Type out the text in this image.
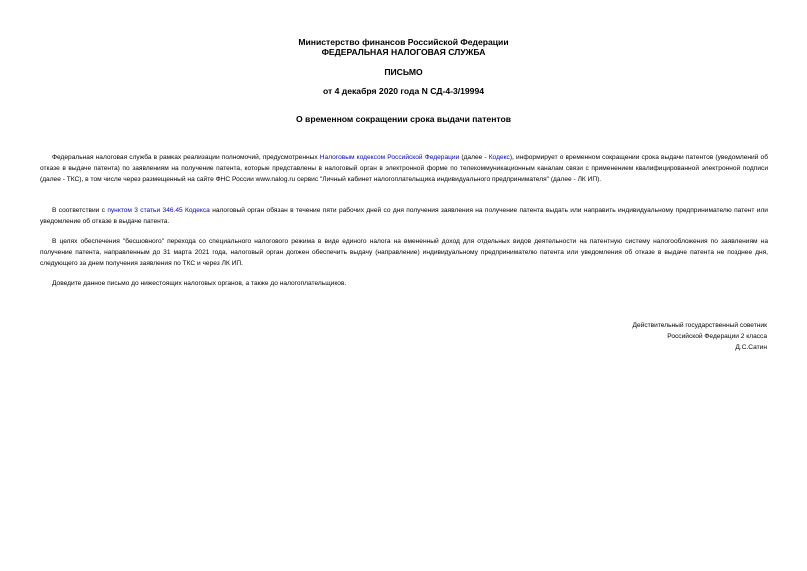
Министерство финансов Российской Федерации

ФЕДЕРАЛЬНАЯ НАЛОГОВАЯ СЛУЖБА

ПИСЬМО

от 4 декабря 2020 года N СД-4-3/19994

О временном сокращении срока выдачи патентов

Федеральная налоговая служба в рамках реализации полномочий, предусмотренных Налоговым кодексом Российской Федерации (далее - Кодекс), информирует о временном сокращении срока выдачи патентов (уведомлений об отказе в выдаче патента) по заявлениям на получение патента, которые представлены в налоговый орган в электронной форме по телекоммуникационным каналам связи с применением квалифицированной электронной подписи (далее - ТКС), в том числе через размещенный на сайте ФНС России www.nalog.ru сервис "Личный кабинет налогоплательщика индивидуального предпринимателя" (далее - ЛК ИП).

В соответствии с пунктом 3 статьи 346.45 Кодекса налоговый орган обязан в течение пяти рабочих дней со дня получения заявления на получение патента выдать или направить индивидуальному предпринимателю патент или уведомление об отказе в выдаче патента.

В целях обеспечения "бесшовного" перехода со специального налогового режима в виде единого налога на вмененный доход для отдельных видов деятельности на патентную систему налогообложения по заявлениям на получение патента, направленным до 31 марта 2021 года, налоговый орган должен обеспечить выдачу (направление) индивидуальному предпринимателю патента или уведомления об отказе в выдаче патента не позднее дня, следующего за днем получения заявления по ТКС и через ЛК ИП.

Доведите данное письмо до нижестоящих налоговых органов, а также до налогоплательщиков.

Действительный государственный советник

Российской Федерации 2 класса

Д.С.Сатин
